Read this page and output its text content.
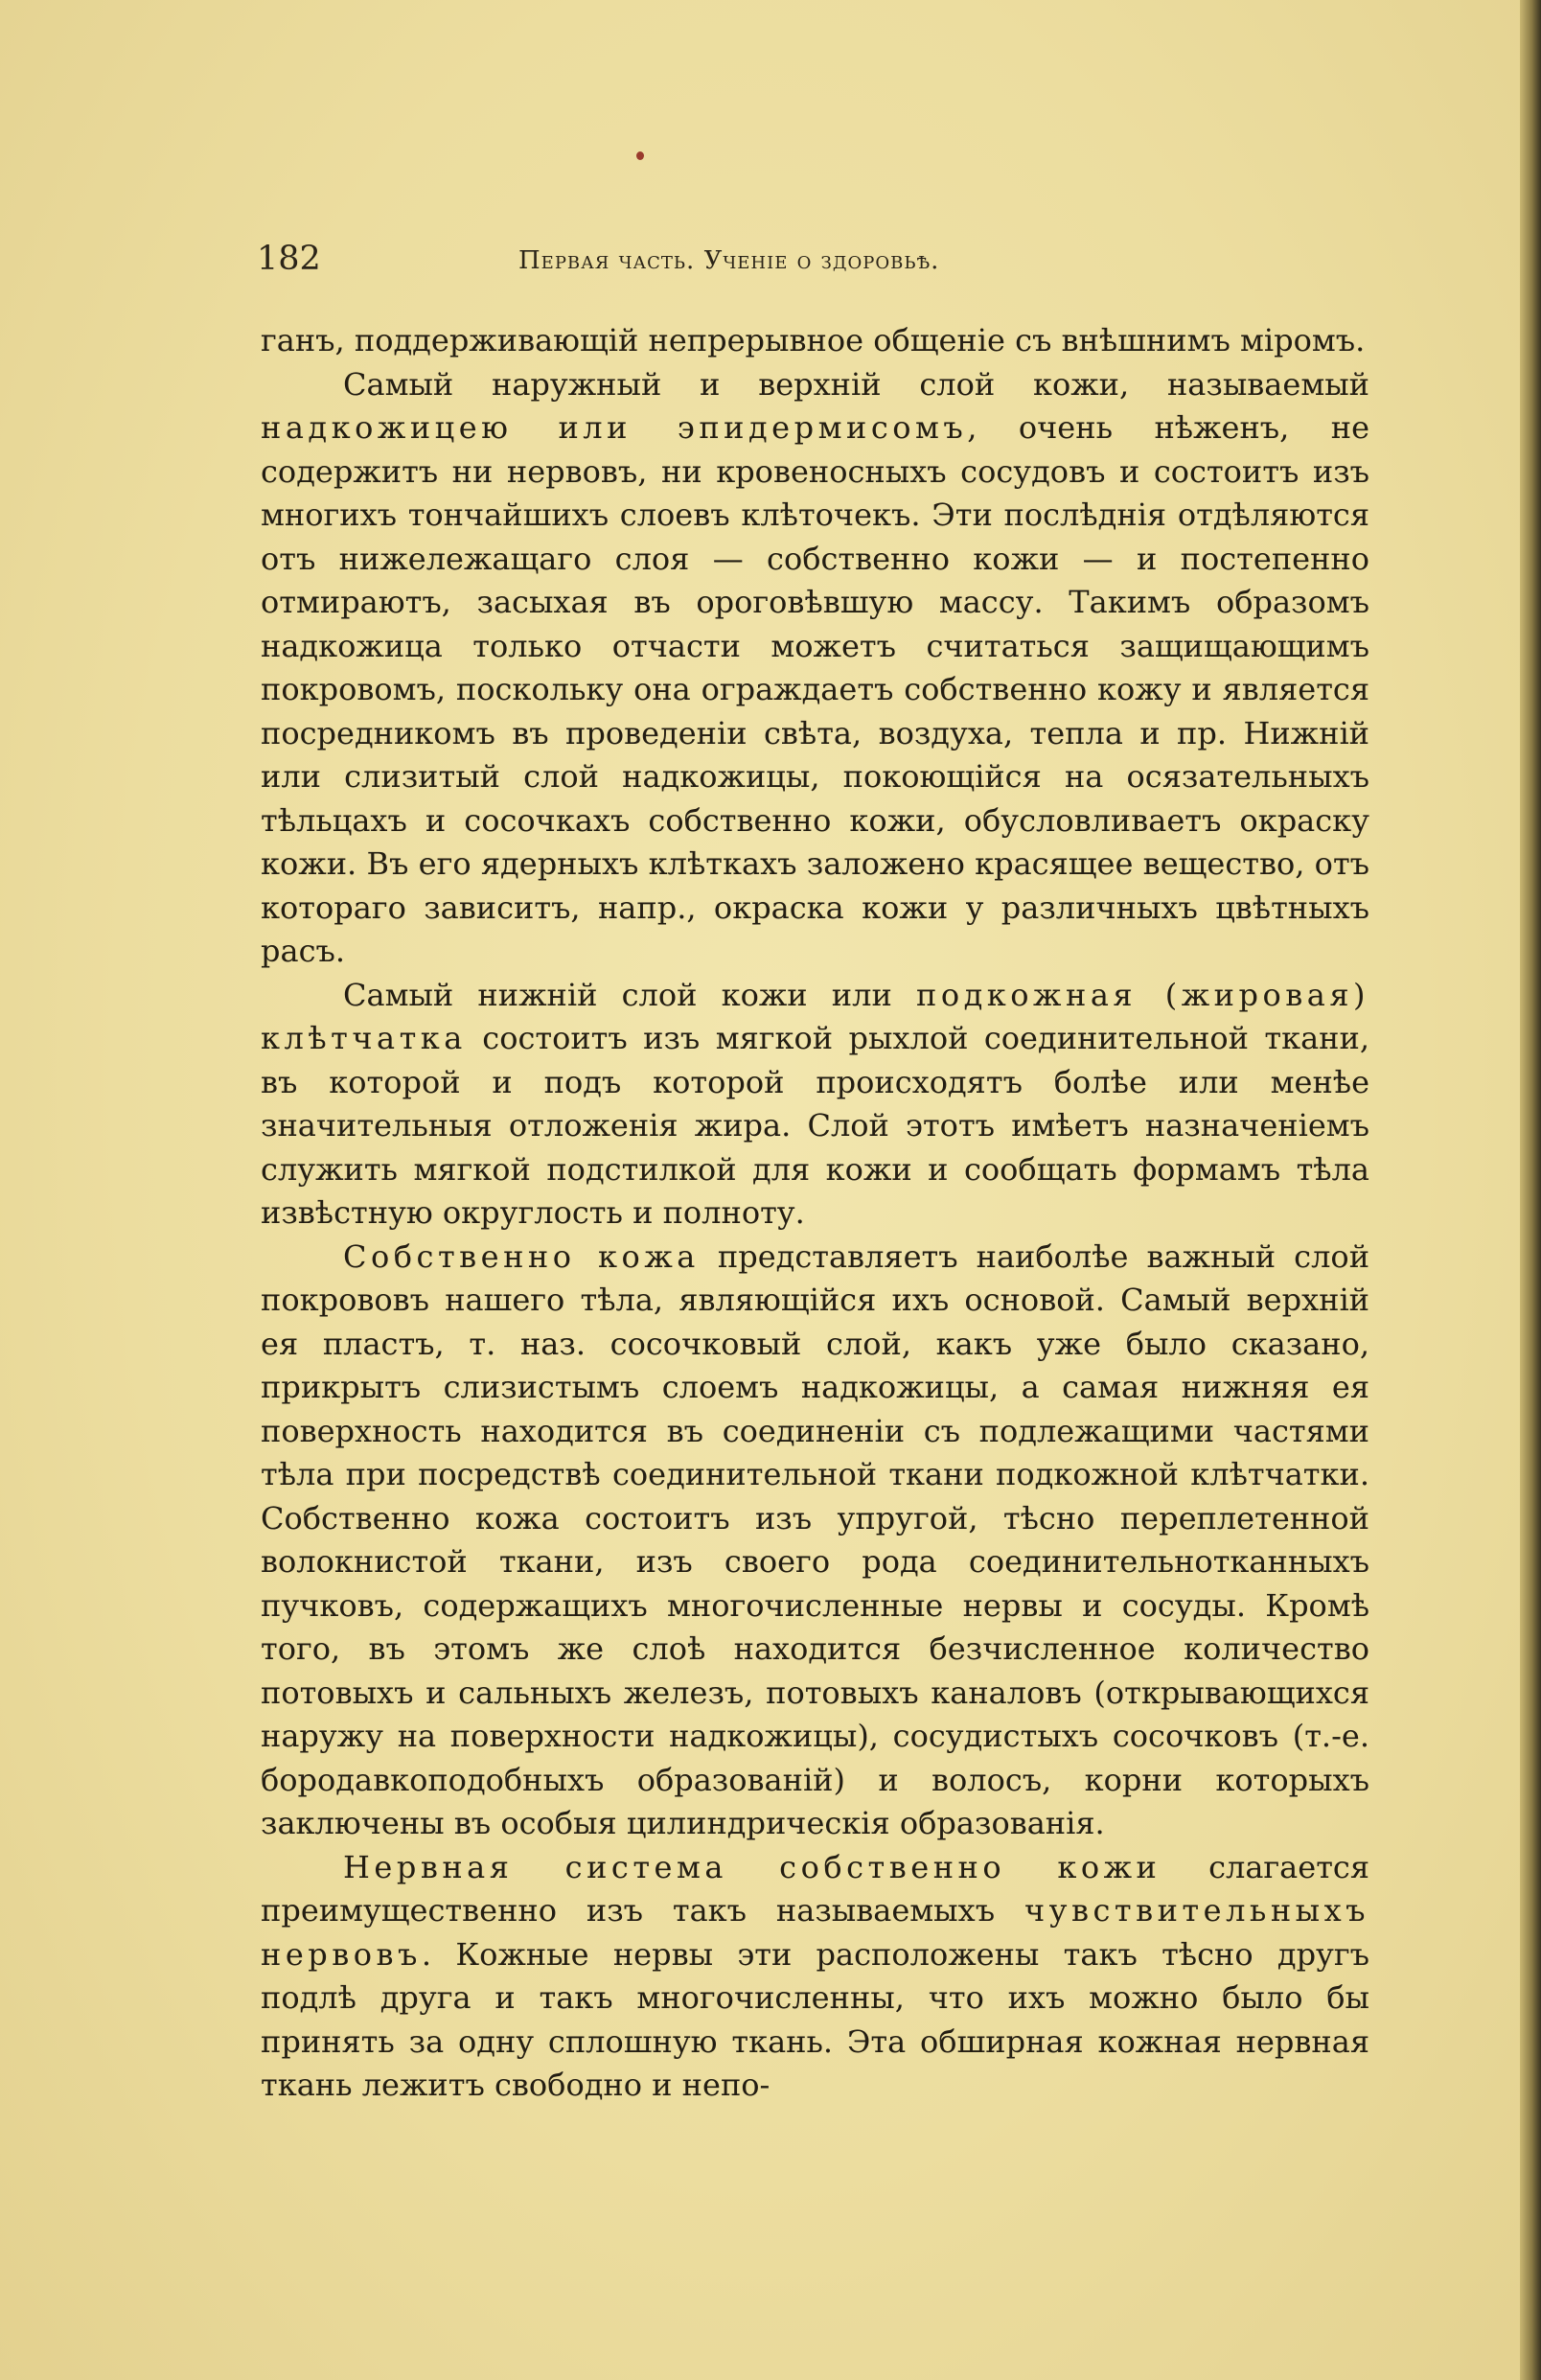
182	Первая часть. Ученіе о здоровьѣ.

ганъ, поддерживающій непрерывное общеніе съ внѣшнимъ міромъ.

Самый наружный и верхній слой кожи, называемый надкожицею или эпидермисомъ, очень нѣженъ, не содержитъ ни нервовъ, ни кровеносныхъ сосудовъ и состоитъ изъ многихъ тончайшихъ слоевъ клѣточекъ. Эти послѣднія отдѣляются отъ нижележащаго слоя — собственно кожи — и постепенно отмираютъ, засыхая въ ороговѣвшую массу. Такимъ образомъ надкожица только отчасти можетъ считаться защищающимъ покровомъ, поскольку она ограждаетъ собственно кожу и является посредникомъ въ проведеніи свѣта, воздуха, тепла и пр. Нижній или слизитый слой надкожицы, покоющійся на осязательныхъ тѣльцахъ и сосочкахъ собственно кожи, обусловливаетъ окраску кожи. Въ его ядерныхъ клѣткахъ заложено красящее вещество, отъ котораго зависитъ, напр., окраска кожи у различныхъ цвѣтныхъ расъ.

Самый нижній слой кожи или подкожная (жировая) клѣтчатка состоитъ изъ мягкой рыхлой соединительной ткани, въ которой и подъ которой происходятъ болѣе или менѣе значительныя отложенія жира. Слой этотъ имѣетъ назначеніемъ служить мягкой подстилкой для кожи и сообщать формамъ тѣла извѣстную округлость и полноту.

Собственно кожа представляетъ наиболѣе важный слой покрововъ нашего тѣла, являющійся ихъ основой. Самый верхній ея пластъ, т. наз. сосочковый слой, какъ уже было сказано, прикрытъ слизистымъ слоемъ надкожицы, а самая нижняя ея поверхность находится въ соединеніи съ подлежащими частями тѣла при посредствѣ соединительной ткани подкожной клѣтчатки. Собственно кожа состоитъ изъ упругой, тѣсно переплетенной волокнистой ткани, изъ своего рода соединительнотканныхъ пучковъ, содержащихъ многочисленные нервы и сосуды. Кромѣ того, въ этомъ же слоѣ находится безчисленное количество потовыхъ и сальныхъ железъ, потовыхъ каналовъ (открывающихся наружу на поверхности надкожицы), сосудистыхъ сосочковъ (т.-е. бородавкоподобныхъ образованій) и волосъ, корни которыхъ заключены въ особыя цилиндрическія образованія.

Нервная система собственно кожи слагается преимущественно изъ такъ называемыхъ чувствительныхъ нервовъ. Кожные нервы эти расположены такъ тѣсно другъ подлѣ друга и такъ многочисленны, что ихъ можно было бы принять за одну сплошную ткань. Эта обширная кожная нервная ткань лежитъ свободно и непо-
